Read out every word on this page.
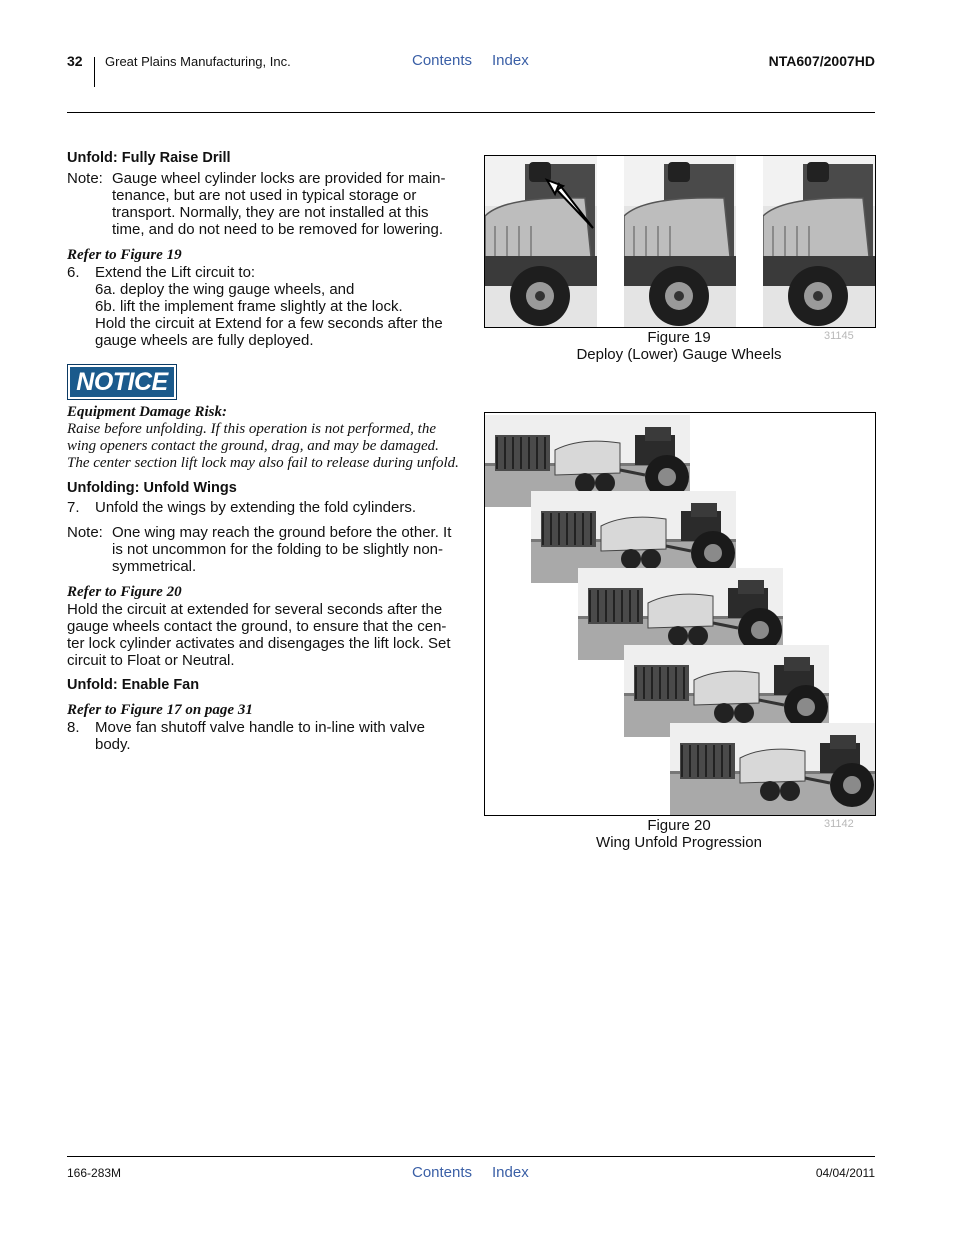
32 Great Plains Manufacturing, Inc.	Contents Index	NTA607/2007HD
Unfold: Fully Raise Drill
Note: Gauge wheel cylinder locks are provided for main-tenance, but are not used in typical storage or transport. Normally, they are not installed at this time, and do not need to be removed for lowering.
Refer to Figure 19
6.	Extend the Lift circuit to:
6a. deploy the wing gauge wheels, and
6b. lift the implement frame slightly at the lock.
Hold the circuit at Extend for a few seconds after the gauge wheels are fully deployed.
NOTICE
Equipment Damage Risk:
Raise before unfolding. If this operation is not performed, the wing openers contact the ground, drag, and may be damaged. The center section lift lock may also fail to release during unfold.
Unfolding: Unfold Wings
7.	Unfold the wings by extending the fold cylinders.
Note: One wing may reach the ground before the other. It is not uncommon for the folding to be slightly non-symmetrical.
Refer to Figure 20
Hold the circuit at extended for several seconds after the gauge wheels contact the ground, to ensure that the cen-ter lock cylinder activates and disengages the lift lock. Set circuit to Float or Neutral.
Unfold: Enable Fan
Refer to Figure 17 on page 31
8.	Move fan shutoff valve handle to in-line with valve body.
Figure 19
Deploy (Lower) Gauge Wheels
31145
Figure 20
Wing Unfold Progression
31142
166-283M	Contents Index	04/04/2011
